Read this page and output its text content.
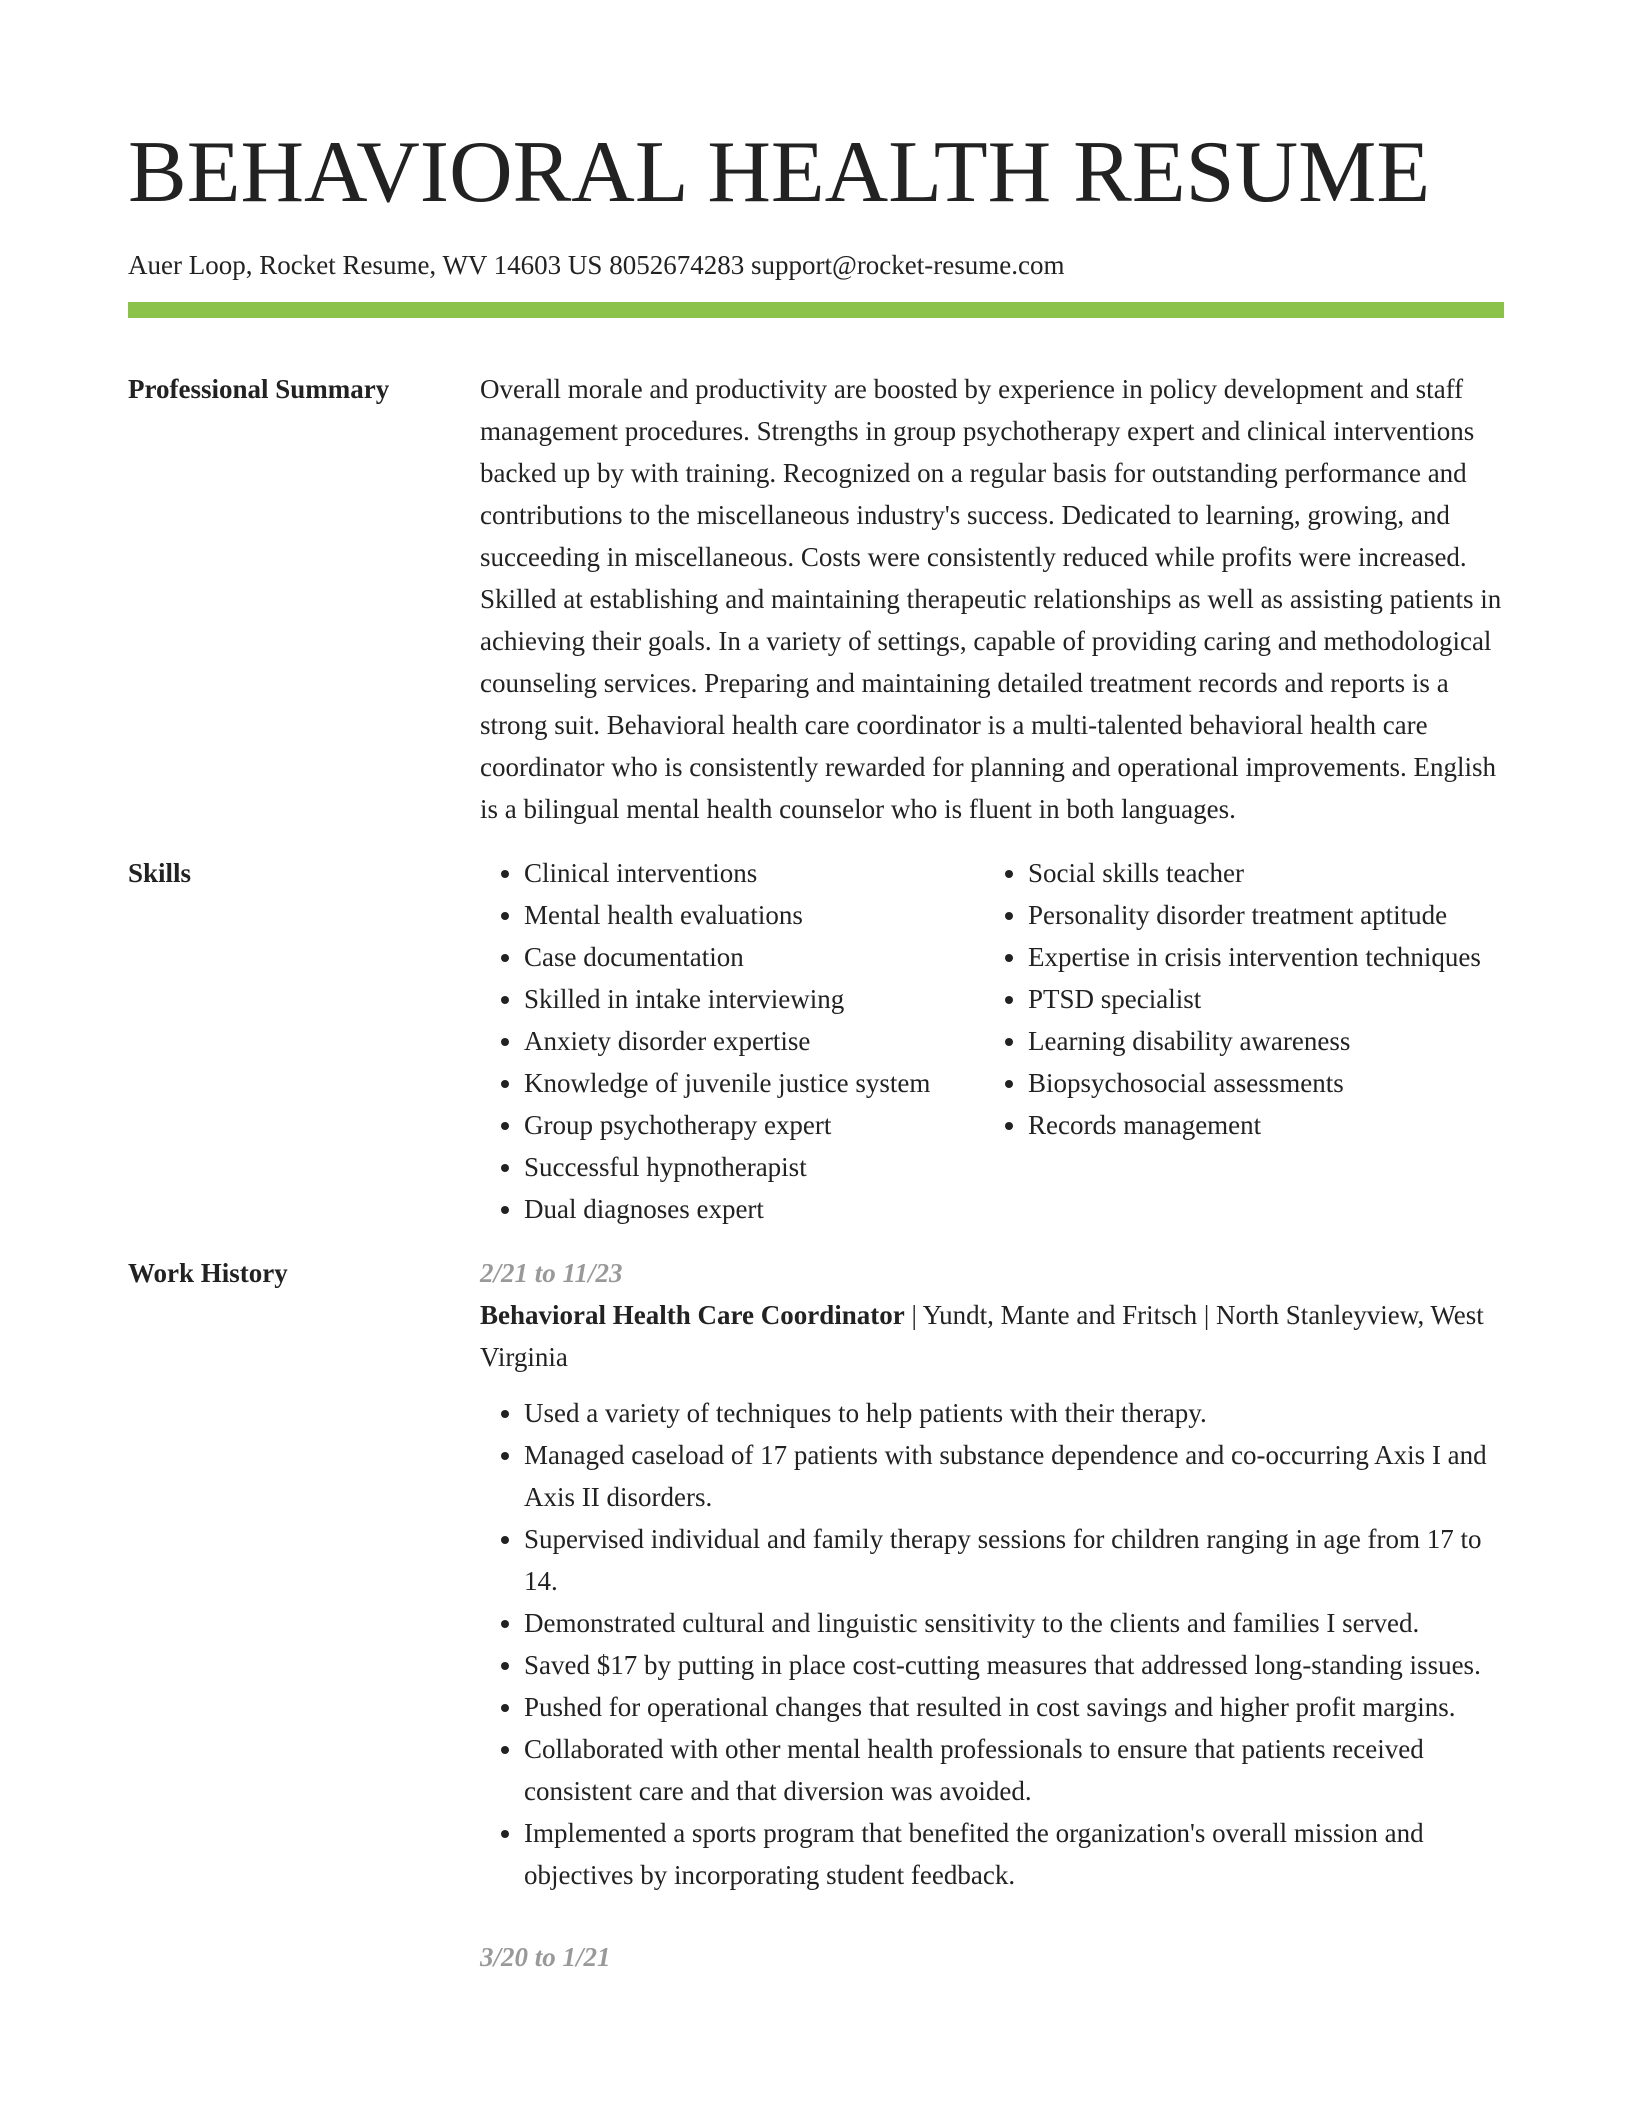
BEHAVIORAL HEALTH RESUME
Auer Loop, Rocket Resume, WV 14603 US 8052674283 support@rocket-resume.com
Professional Summary	Overall morale and productivity are boosted by experience in policy development and staff management procedures. Strengths in group psychotherapy expert and clinical interventions backed up by with training. Recognized on a regular basis for outstanding performance and contributions to the miscellaneous industry's success. Dedicated to learning, growing, and succeeding in miscellaneous. Costs were consistently reduced while profits were increased. Skilled at establishing and maintaining therapeutic relationships as well as assisting patients in achieving their goals. In a variety of settings, capable of providing caring and methodological counseling services. Preparing and maintaining detailed treatment records and reports is a strong suit. Behavioral health care coordinator is a multi-talented behavioral health care coordinator who is consistently rewarded for planning and operational improvements. English is a bilingual mental health counselor who is fluent in both languages.

Skills
•	Clinical interventions
• Mental health evaluations
• Case documentation
• Skilled in intake interviewing
• Anxiety disorder expertise
• Knowledge of juvenile justice system
• Group psychotherapy expert
• Successful hypnotherapist
• Dual diagnoses expert
• Social skills teacher
• Personality disorder treatment aptitude
• Expertise in crisis intervention techniques
• PTSD specialist
• Learning disability awareness
• Biopsychosocial assessments
• Records management
Work History	2/21 to 11/23
Behavioral Health Care Coordinator | Yundt, Mante and Fritsch | North Stanleyview, West Virginia
• Used a variety of techniques to help patients with their therapy.
• Managed caseload of 17 patients with substance dependence and co-occurring Axis I and Axis II disorders.
• Supervised individual and family therapy sessions for children ranging in age from 17 to 14.
• Demonstrated cultural and linguistic sensitivity to the clients and families I served.
• Saved $17 by putting in place cost-cutting measures that addressed long-standing issues.
• Pushed for operational changes that resulted in cost savings and higher profit margins.
• Collaborated with other mental health professionals to ensure that patients received consistent care and that diversion was avoided.
• Implemented a sports program that benefited the organization's overall mission and objectives by incorporating student feedback.
3/20 to 1/21
